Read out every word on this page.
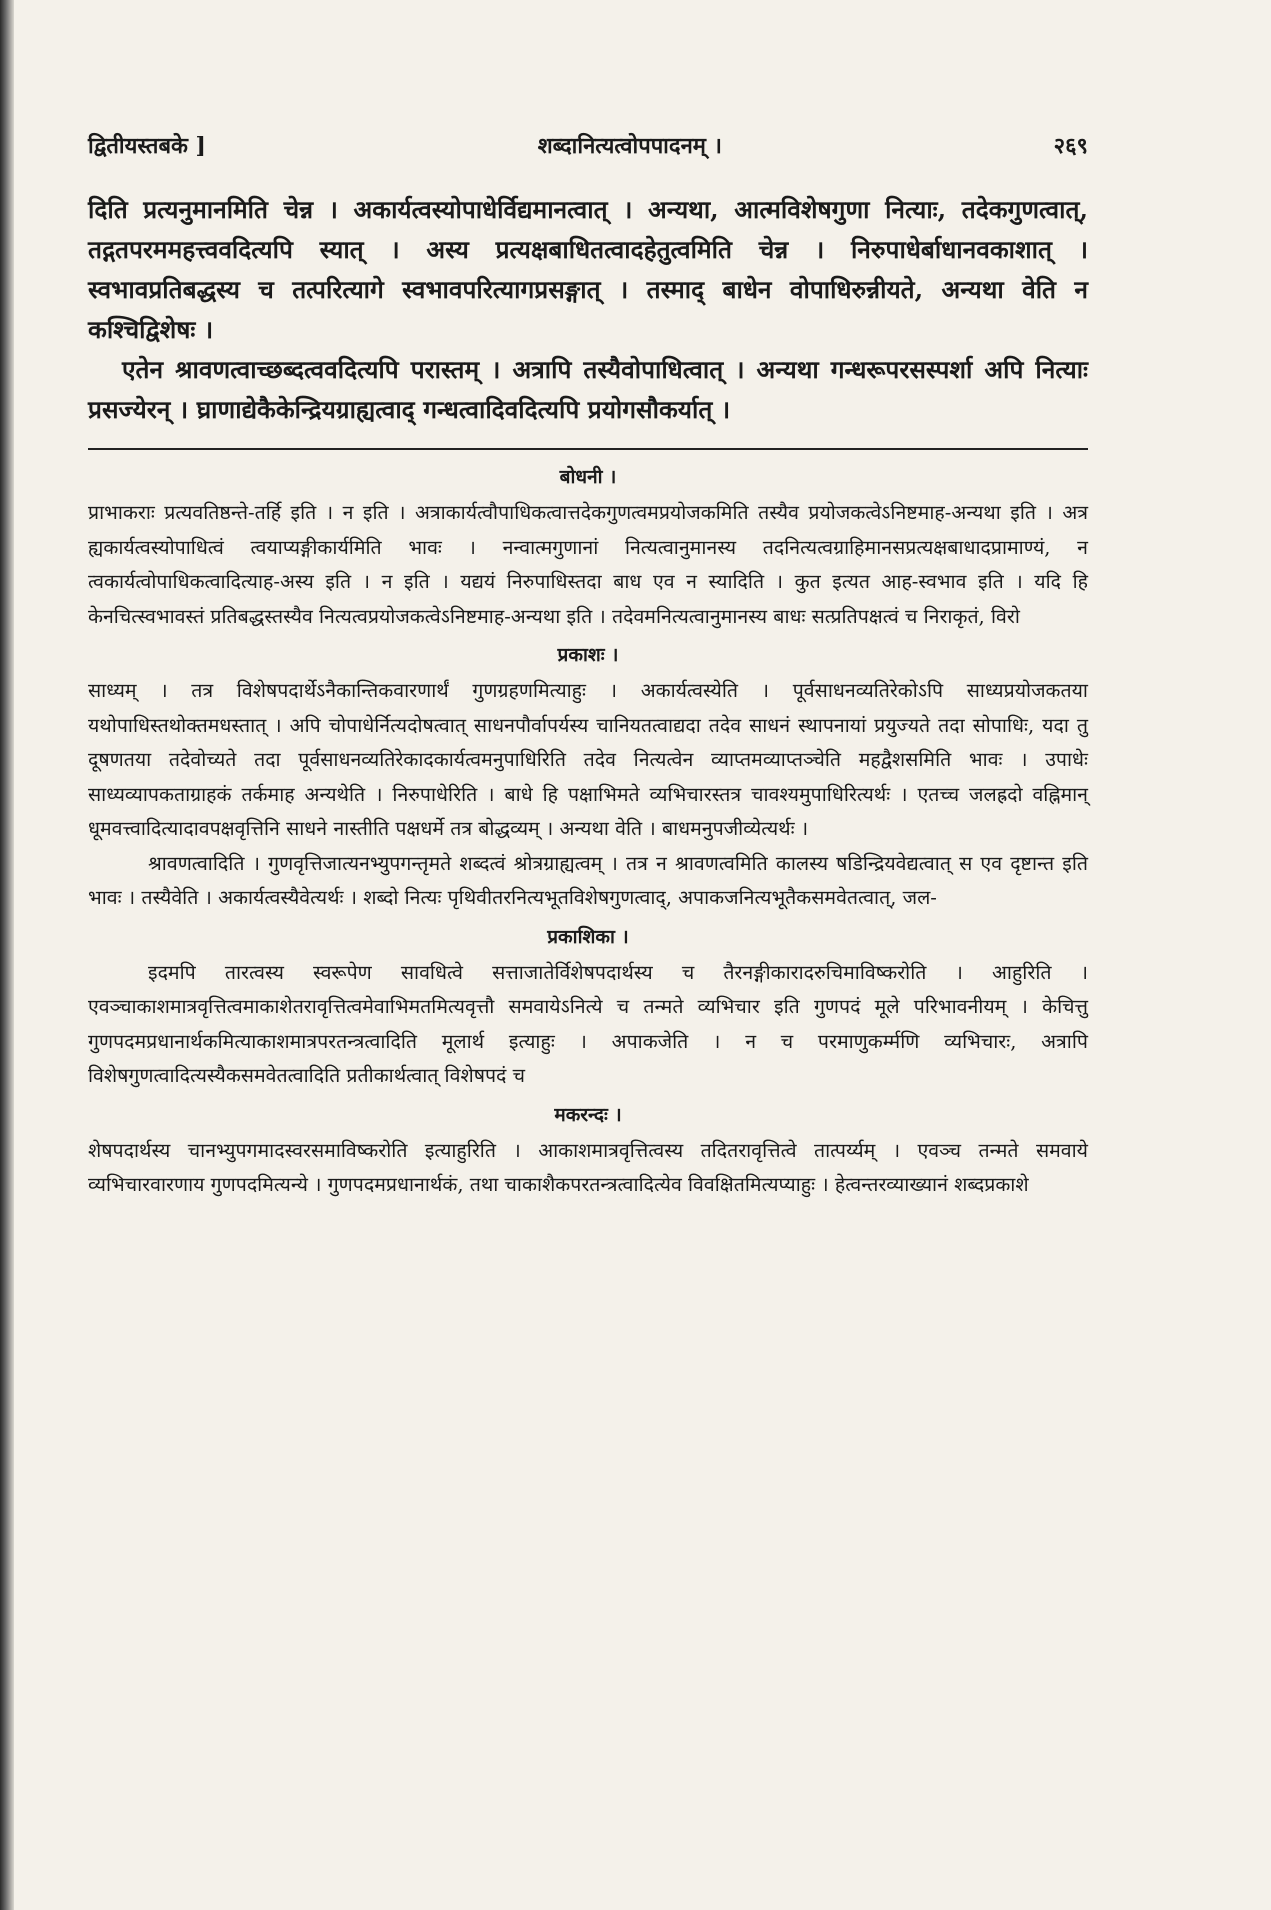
द्वितीयस्तबके ]	शब्दानित्यत्वोपपादनम् ।	२६९

दिति प्रत्यनुमानमिति चेन्न । अकार्यत्वस्योपाधेर्विद्यमानत्वात् । अन्यथा, आत्मविशेषगुणा नित्याः, तदेकगुणत्वात्, तद्गतपरममहत्त्ववदित्यपि स्यात् । अस्य प्रत्यक्षबाधितत्वादहेतुत्वमिति चेन्न । निरुपाधेर्बाधानवकाशात् । स्वभावप्रतिबद्धस्य च तत्परित्यागे स्वभावपरित्यागप्रसङ्गात् । तस्माद् बाधेन वोपाधिरुन्नीयते, अन्यथा वेति न कश्चिद्विशेषः ।

एतेन श्रावणत्वाच्छब्दत्ववदित्यपि परास्तम् । अत्रापि तस्यैवोपाधित्वात् । अन्यथा गन्धरूपरसस्पर्शा अपि नित्याः प्रसज्येरन् । घ्राणाद्येकैकेन्द्रियग्राह्यत्वाद् गन्धत्वादिवदित्यपि प्रयोगसौकर्यात् ।

बोधनी ।

प्राभाकराः प्रत्यवतिष्ठन्ते-तर्हि इति । न इति । अत्राकार्यत्वौपाधिकत्वात्तदेकगुणत्वमप्रयोजकमिति तस्यैव प्रयोजकत्वेऽनिष्टमाह-अन्यथा इति । अत्र ह्यकार्यत्वस्योपाधित्वं त्वयाप्यङ्गीकार्यमिति भावः । नन्वात्मगुणानां नित्यत्वानुमानस्य तदनित्यत्वग्राहिमानसप्रत्यक्षबाधादप्रामाण्यं, न त्वकार्यत्वोपाधिकत्वादित्याह-अस्य इति । न इति । यद्ययं निरुपाधिस्तदा बाध एव न स्यादिति । कुत इत्यत आह-स्वभाव इति । यदि हि केनचित्स्वभावस्तं प्रतिबद्धस्तस्यैव नित्यत्वप्रयोजकत्वेऽनिष्टमाह-अन्यथा इति । तदेवमनित्यत्वानुमानस्य बाधः सत्प्रतिपक्षत्वं च निराकृतं, विरो

प्रकाशः ।

साध्यम् । तत्र विशेषपदार्थेऽनैकान्तिकवारणार्थं गुणग्रहणमित्याहुः । अकार्यत्वस्येति । पूर्वसाधनव्यतिरेकोऽपि साध्यप्रयोजकतया यथोपाधिस्तथोक्तमधस्तात् । अपि चोपाधेर्नित्यदोषत्वात् साधनपौर्वापर्यस्य चानियतत्वाद्यदा तदेव साधनं स्थापनायां प्रयुज्यते तदा सोपाधिः, यदा तु दूषणतया तदेवोच्यते तदा पूर्वसाधनव्यतिरेकादकार्यत्वमनुपाधिरिति तदेव नित्यत्वेन व्याप्तमव्याप्तञ्चेति महद्वैशसमिति भावः । उपाधेः साध्यव्यापकताग्राहकं तर्कमाह अन्यथेति । निरुपाधेरिति । बाधे हि पक्षाभिमते व्यभिचारस्तत्र चावश्यमुपाधिरित्यर्थः । एतच्च जलह्रदो वह्निमान् धूमवत्त्वादित्यादावपक्षवृत्तिनि साधने नास्तीति पक्षधर्मे तत्र बोद्धव्यम् । अन्यथा वेति । बाधमनुपजीव्येत्यर्थः ।

श्रावणत्वादिति । गुणवृत्तिजात्यनभ्युपगन्तृमते शब्दत्वं श्रोत्रग्राह्यत्वम् । तत्र न श्रावणत्वमिति कालस्य षडिन्द्रियवेद्यत्वात् स एव दृष्टान्त इति भावः । तस्यैवेति । अकार्यत्वस्यैवेत्यर्थः । शब्दो नित्यः पृथिवीतरनित्यभूतविशेषगुणत्वाद्, अपाकजनित्यभूतैकसमवेतत्वात्, जल-

प्रकाशिका ।

इदमपि तारत्वस्य स्वरूपेण सावधित्वे सत्ताजातेर्विशेषपदार्थस्य च तैरनङ्गीकारादरुचिमाविष्करोति । आहुरिति । एवञ्चाकाशमात्रवृत्तित्वमाकाशेतरावृत्तित्वमेवाभिमतमित्यवृत्तौ समवायेऽनित्ये च तन्मते व्यभिचार इति गुणपदं मूले परिभावनीयम् । केचित्तु गुणपदमप्रधानार्थकमित्याकाशमात्रपरतन्त्रत्वादिति मूलार्थ इत्याहुः । अपाकजेति । न च परमाणुकर्म्मणि व्यभिचारः, अत्रापि विशेषगुणत्वादित्यस्यैकसमवेतत्वादिति प्रतीकार्थत्वात् विशेषपदं च

मकरन्दः ।

शेषपदार्थस्य चानभ्युपगमादस्वरसमाविष्करोति इत्याहुरिति । आकाशमात्रवृत्तित्वस्य तदितरावृत्तित्वे तात्पर्य्यम् । एवञ्च तन्मते समवाये व्यभिचारवारणाय गुणपदमित्यन्ये । गुणपदमप्रधानार्थकं, तथा चाकाशैकपरतन्त्रत्वादित्येव विवक्षितमित्यप्याहुः । हेत्वन्तरव्याख्यानं शब्दप्रकाशे
